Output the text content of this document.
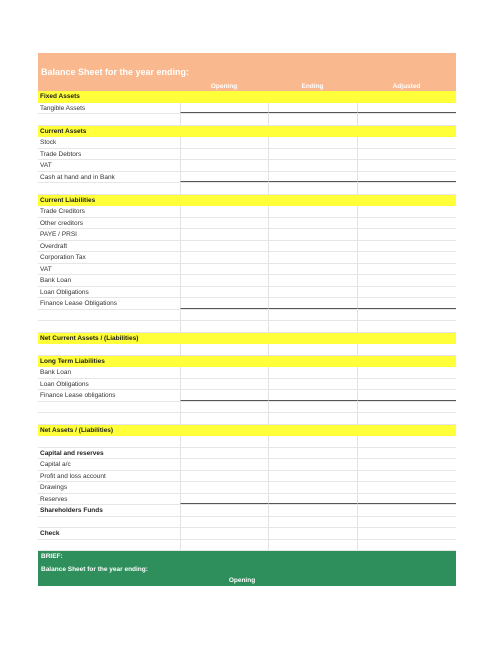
Balance Sheet for the year ending:
Opening	Ending	Adjusted
Fixed Assets
Tangible Assets
Current Assets
Stock
Trade Debtors
VAT
Cash at hand and in Bank
Current Liabilities
Trade Creditors
Other creditors
PAYE / PRSI
Overdraft
Corporation Tax
VAT
Bank Loan
Loan Obligations
Finance Lease Obligations
Net Current Assets / (Liabilities)
Long Term Liabilities
Bank Loan
Loan Obligations
Finance Lease obligations
Net Assets / (Liabilities)
Capital and reserves
Capital a/c
Profit and loss account
Drawings
Reserves
Shareholders Funds
Check
BRIEF:
Balance Sheet for the year ending:
Opening
